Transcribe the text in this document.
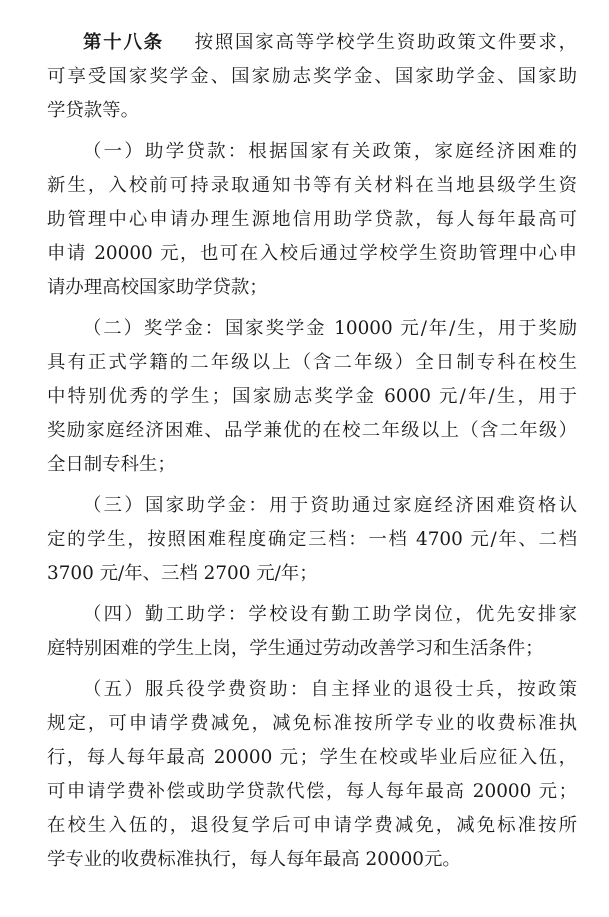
第十八条 按照国家高等学校学生资助政策文件要求，
可享受国家奖学金、国家励志奖学金、国家助学金、国家助
学贷款等。
（一）助学贷款：根据国家有关政策，家庭经济困难的
新生，入校前可持录取通知书等有关材料在当地县级学生资
助管理中心申请办理生源地信用助学贷款，每人每年最高可
申请 20000 元，也可在入校后通过学校学生资助管理中心申
请办理高校国家助学贷款；
（二）奖学金：国家奖学金 10000 元/年/生，用于奖励
具有正式学籍的二年级以上（含二年级）全日制专科在校生
中特别优秀的学生；国家励志奖学金 6000 元/年/生，用于
奖励家庭经济困难、品学兼优的在校二年级以上（含二年级）
全日制专科生；
（三）国家助学金：用于资助通过家庭经济困难资格认
定的学生，按照困难程度确定三档：一档 4700 元/年、二档
3700 元/年、三档 2700 元/年；
（四）勤工助学：学校设有勤工助学岗位，优先安排家
庭特别困难的学生上岗，学生通过劳动改善学习和生活条件；
（五）服兵役学费资助：自主择业的退役士兵，按政策
规定，可申请学费减免，减免标准按所学专业的收费标准执
行，每人每年最高 20000 元；学生在校或毕业后应征入伍，
可申请学费补偿或助学贷款代偿，每人每年最高 20000 元；
在校生入伍的，退役复学后可申请学费减免，减免标准按所
学专业的收费标准执行，每人每年最高 20000元。
